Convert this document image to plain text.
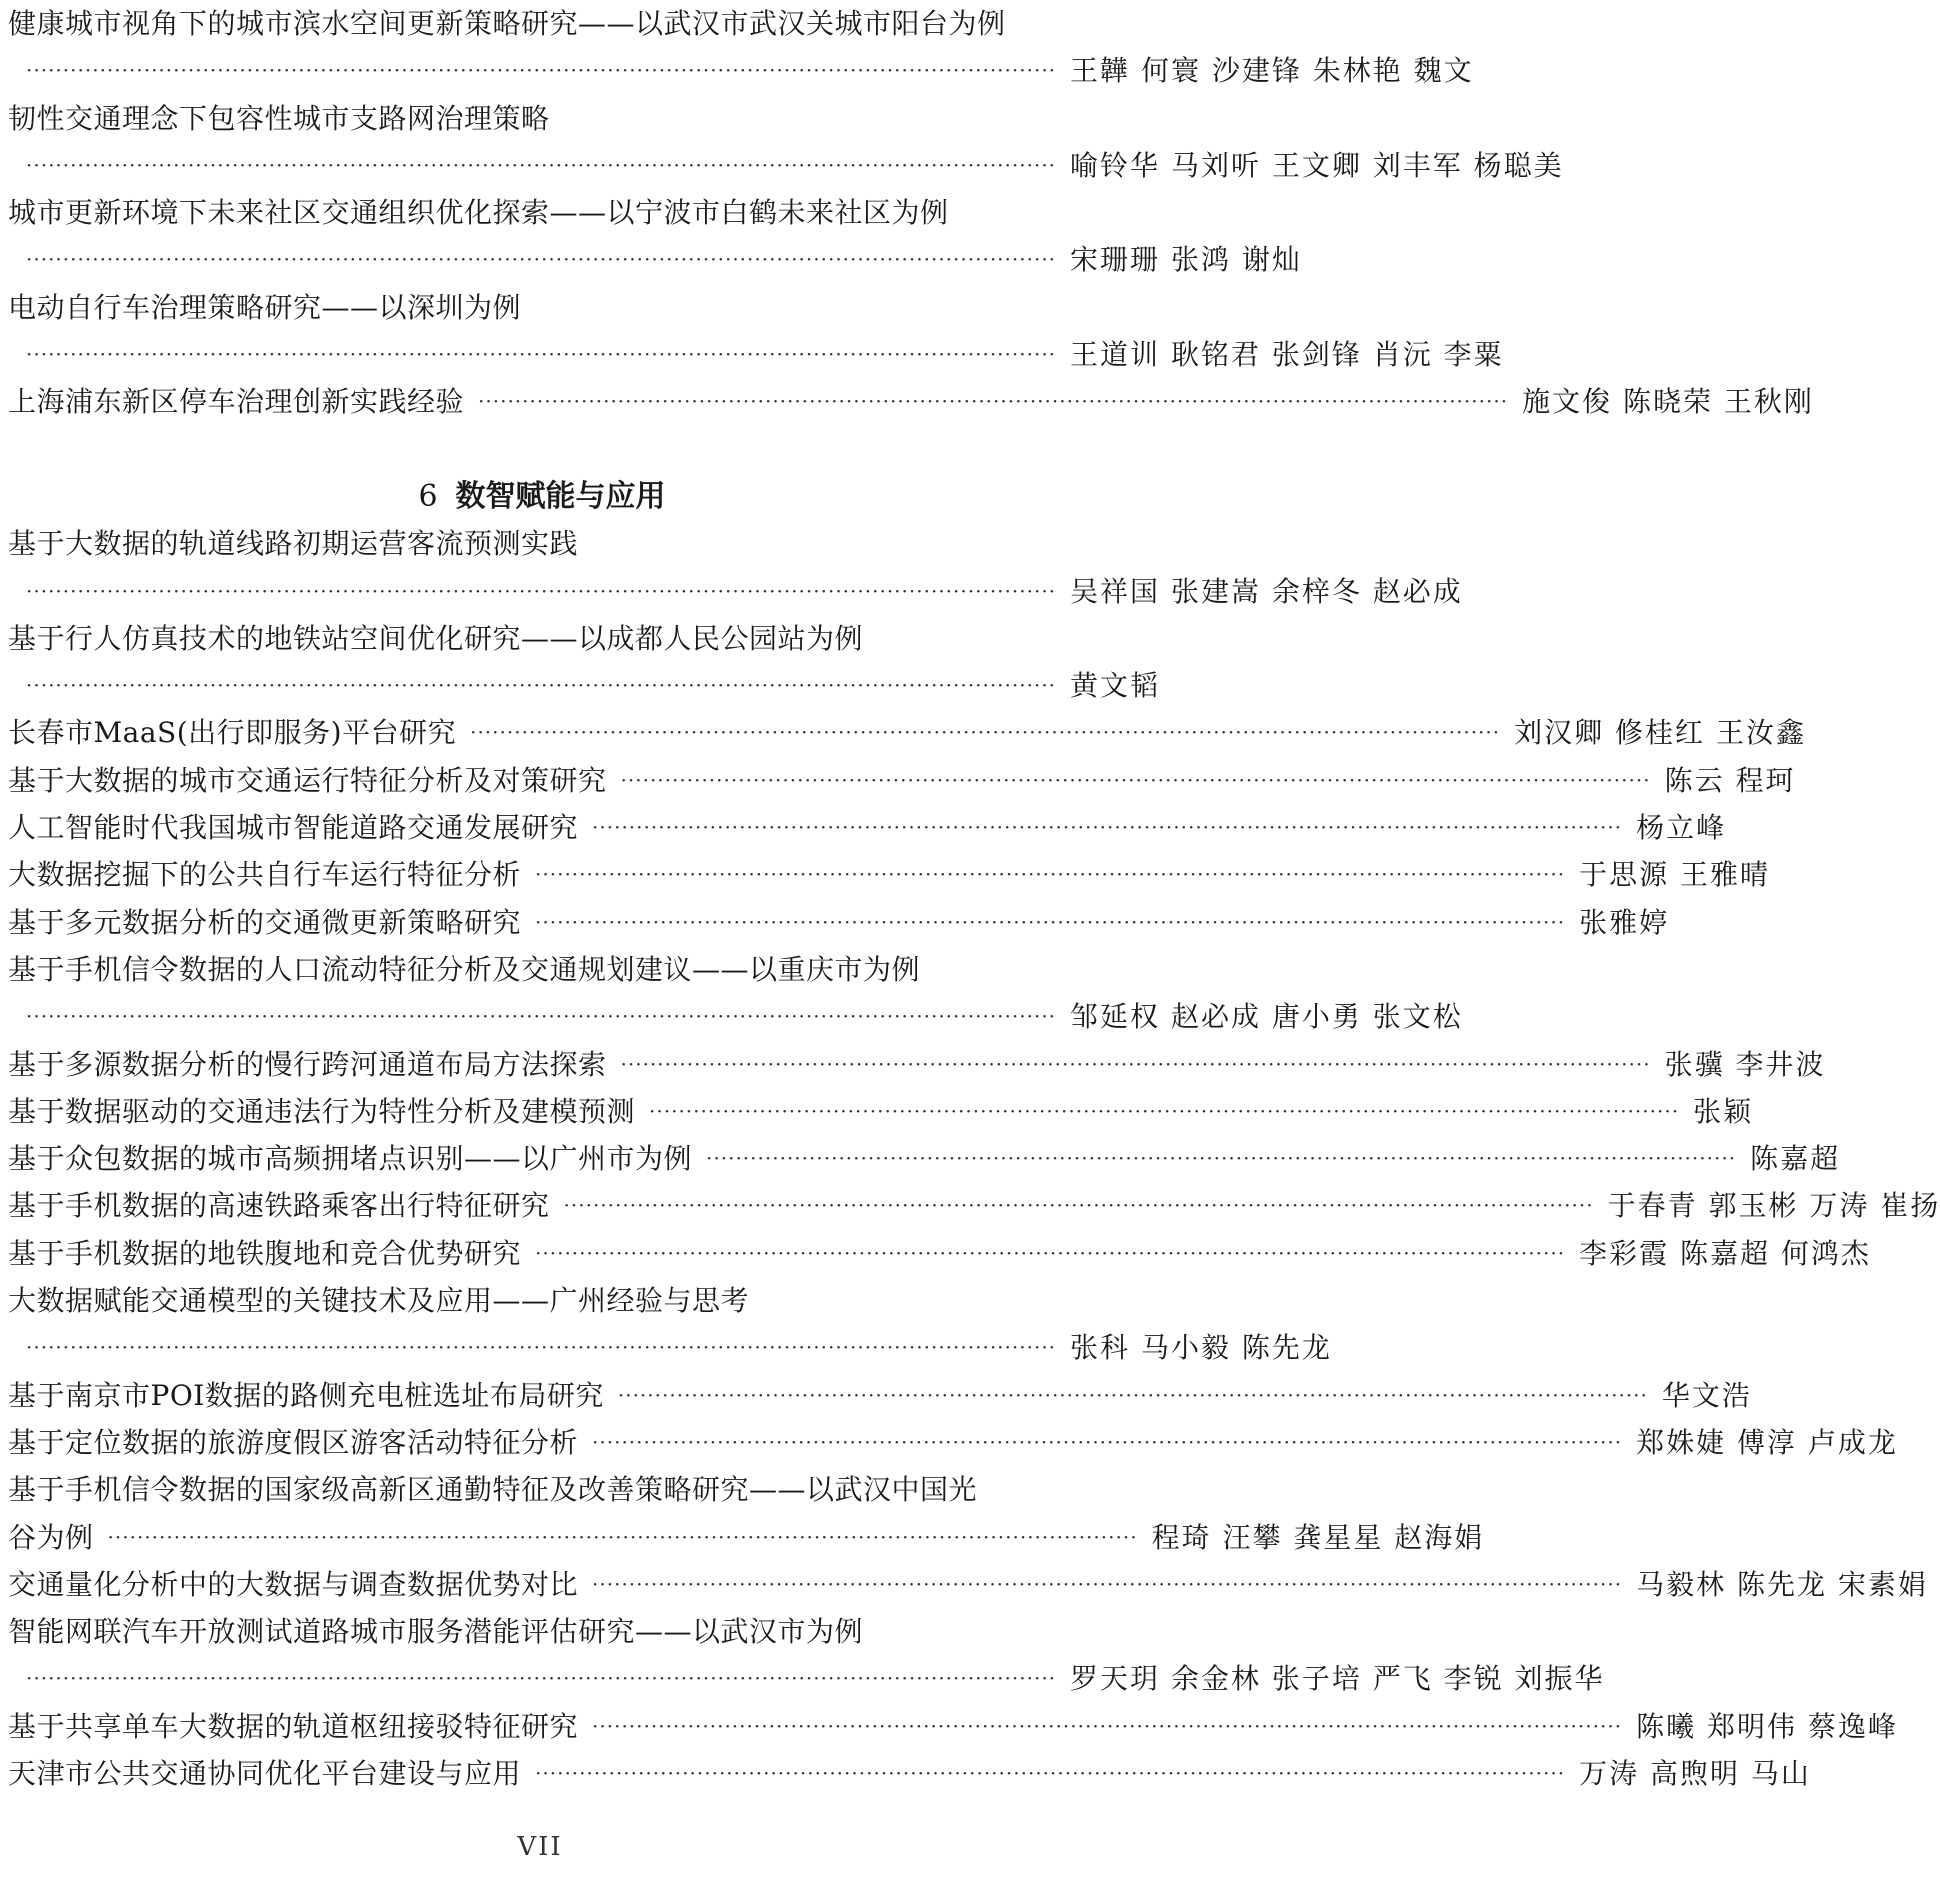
健康城市视角下的城市滨水空间更新策略研究——以武汉市武汉关城市阳台为例
············································································································································ 王韡 何寰 沙建锋 朱林艳 魏文
韧性交通理念下包容性城市支路网治理策略
············································································································································ 喻铃华 马刘听 王文卿 刘丰军 杨聪美
城市更新环境下未来社区交通组织优化探索——以宁波市白鹤未来社区为例
············································································································································ 宋珊珊 张鸿 谢灿
电动自行车治理策略研究——以深圳为例
············································································································································ 王道训 耿铭君 张剑锋 肖沅 李粟
上海浦东新区停车治理创新实践经验 ············································································································································ 施文俊 陈晓荣 王秋刚
6 数智赋能与应用
基于大数据的轨道线路初期运营客流预测实践
············································································································································ 吴祥国 张建嵩 余梓冬 赵必成
基于行人仿真技术的地铁站空间优化研究——以成都人民公园站为例
············································································································································ 黄文韬
长春市MaaS(出行即服务)平台研究 ············································································································································ 刘汉卿 修桂红 王汝鑫
基于大数据的城市交通运行特征分析及对策研究 ············································································································································ 陈云 程珂
人工智能时代我国城市智能道路交通发展研究 ············································································································································ 杨立峰
大数据挖掘下的公共自行车运行特征分析 ············································································································································ 于思源 王雅晴
基于多元数据分析的交通微更新策略研究 ············································································································································ 张雅婷
基于手机信令数据的人口流动特征分析及交通规划建议——以重庆市为例
············································································································································ 邹延权 赵必成 唐小勇 张文松
基于多源数据分析的慢行跨河通道布局方法探索 ············································································································································ 张骥 李井波
基于数据驱动的交通违法行为特性分析及建模预测 ············································································································································ 张颖
基于众包数据的城市高频拥堵点识别——以广州市为例 ············································································································································ 陈嘉超
基于手机数据的高速铁路乘客出行特征研究 ············································································································································ 于春青 郭玉彬 万涛 崔扬
基于手机数据的地铁腹地和竞合优势研究 ············································································································································ 李彩霞 陈嘉超 何鸿杰
大数据赋能交通模型的关键技术及应用——广州经验与思考
············································································································································ 张科 马小毅 陈先龙
基于南京市POI数据的路侧充电桩选址布局研究 ············································································································································ 华文浩
基于定位数据的旅游度假区游客活动特征分析 ············································································································································ 郑姝婕 傅淳 卢成龙
基于手机信令数据的国家级高新区通勤特征及改善策略研究——以武汉中国光
谷为例 ············································································································································ 程琦 汪攀 龚星星 赵海娟
交通量化分析中的大数据与调查数据优势对比 ············································································································································ 马毅林 陈先龙 宋素娟
智能网联汽车开放测试道路城市服务潜能评估研究——以武汉市为例
············································································································································ 罗天玥 余金林 张子培 严飞 李锐 刘振华
基于共享单车大数据的轨道枢纽接驳特征研究 ············································································································································ 陈曦 郑明伟 蔡逸峰
天津市公共交通协同优化平台建设与应用 ············································································································································ 万涛 高煦明 马山
VII
